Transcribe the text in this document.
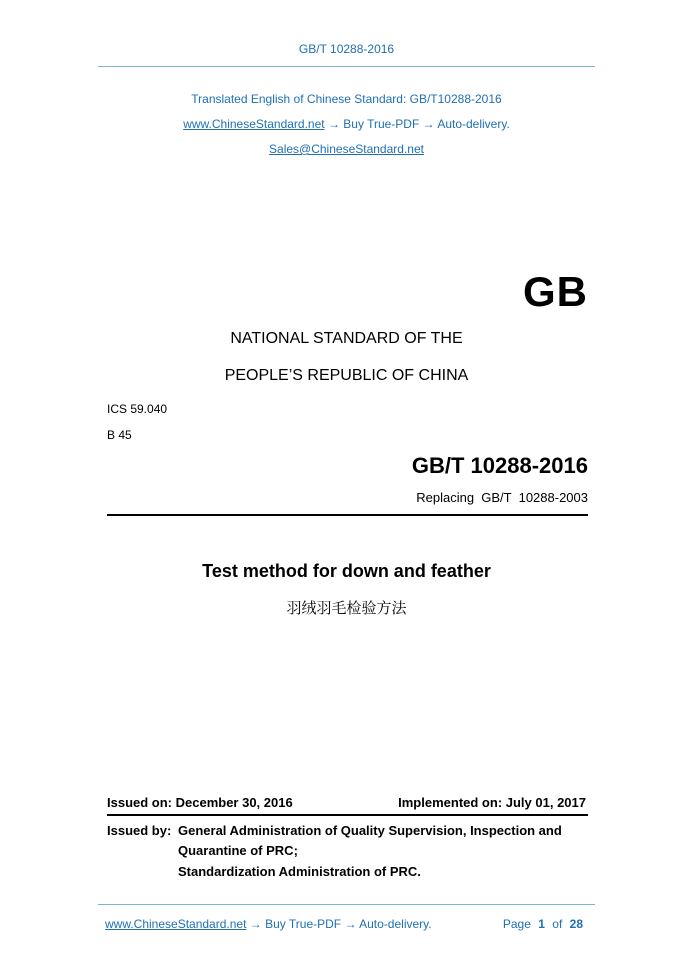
GB/T 10288-2016
Translated English of Chinese Standard: GB/T10288-2016
www.ChineseStandard.net → Buy True-PDF → Auto-delivery.
Sales@ChineseStandard.net
GB
NATIONAL STANDARD OF THE
PEOPLE’S REPUBLIC OF CHINA
ICS 59.040
B 45
GB/T 10288-2016
Replacing  GB/T  10288-2003
Test method for down and feather
羽绒羽毛检验方法
Issued on: December 30, 2016	Implemented on: July 01, 2017
Issued by: General Administration of Quality Supervision, Inspection and
Quarantine of PRC;
Standardization Administration of PRC.
www.ChineseStandard.net → Buy True-PDF → Auto-delivery.	Page 1 of 28
